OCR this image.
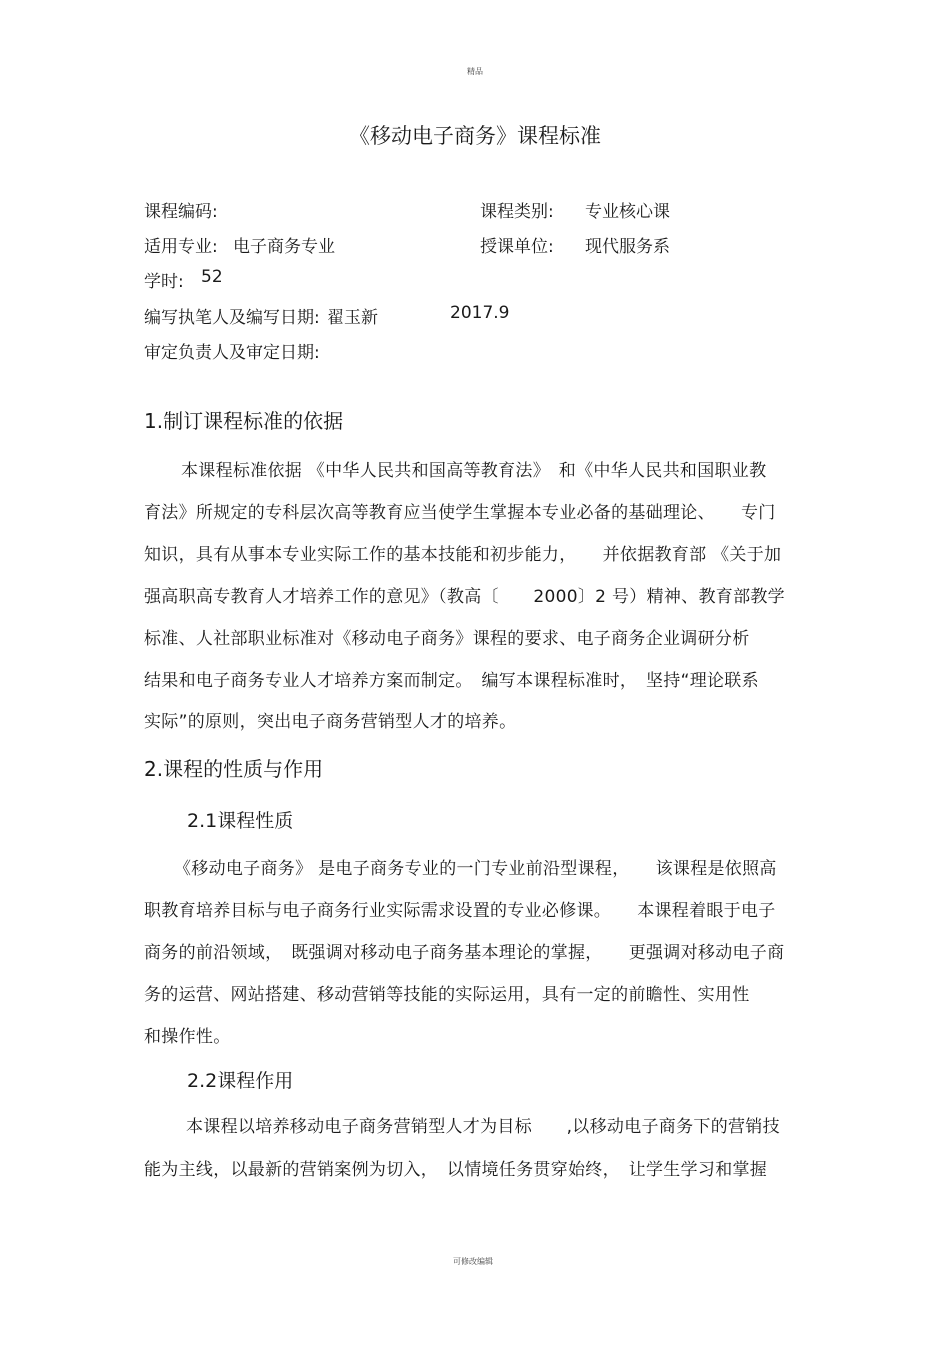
精品
《移动电子商务》课程标准
课程编码:	课程类别: 专业核心课
适用专业: 电子商务专业	授课单位: 现代服务系
学时: 52
编写执笔人及编写日期: 翟玉新	2017.9
审定负责人及审定日期:
1.制订课程标准的依据
本课程标准依据 《中华人民共和国高等教育法》　和《中华人民共和国职业教
育法》所规定的专科层次高等教育应当使学生掌握本专业必备的基础理论、　　专门
知识，具有从事本专业实际工作的基本技能和初步能力，　　并依据教育部 《关于加
强高职高专教育人才培养工作的意见》（教高〔　　2000〕2 号）精神、教育部教学
标准、人社部职业标准对《移动电子商务》课程的要求、电子商务企业调研分析
结果和电子商务专业人才培养方案而制定。　编写本课程标准时，　坚持“理论联系
实际”的原则，突出电子商务营销型人才的培养。
2.课程的性质与作用
2.1课程性质
《移动电子商务》 是电子商务专业的一门专业前沿型课程，　　该课程是依照高
职教育培养目标与电子商务行业实际需求设置的专业必修课。　　本课程着眼于电子
商务的前沿领域，　既强调对移动电子商务基本理论的掌握，　　更强调对移动电子商
务的运营、网站搭建、移动营销等技能的实际运用，具有一定的前瞻性、实用性
和操作性。
2.2课程作用
本课程以培养移动电子商务营销型人才为目标　　,以移动电子商务下的营销技
能为主线，以最新的营销案例为切入，　以情境任务贯穿始终，　让学生学习和掌握
可修改编辑
